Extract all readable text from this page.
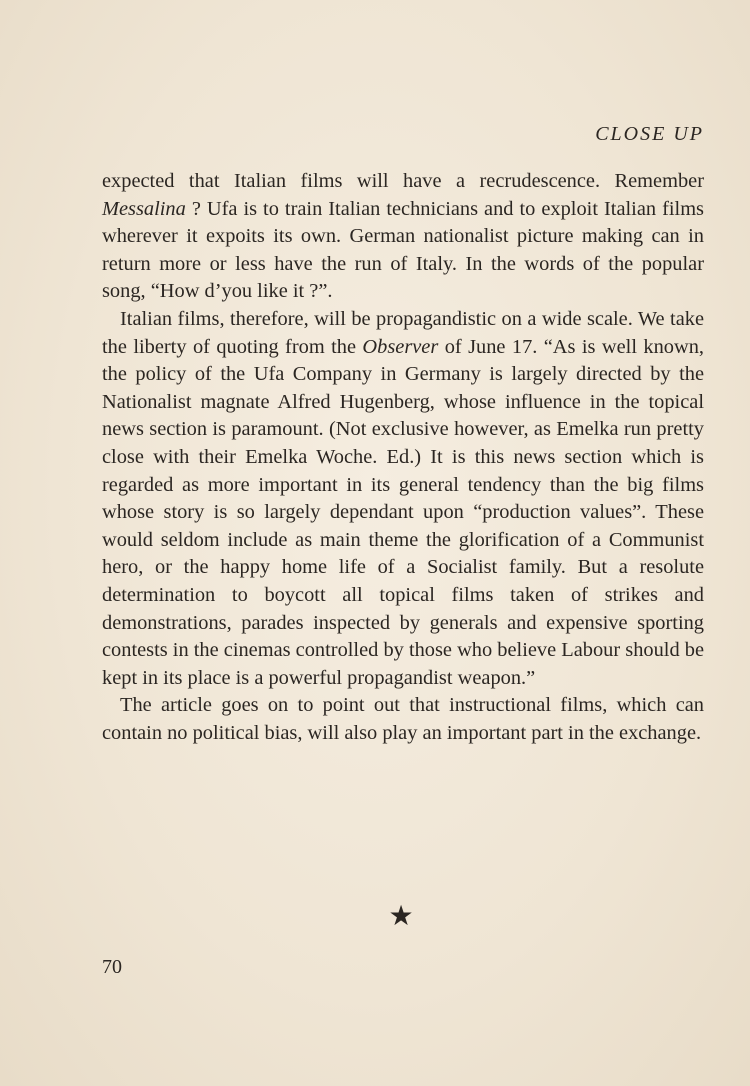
CLOSE UP

expected that Italian films will have a recrudescence. Remember Messalina ? Ufa is to train Italian technicians and to exploit Italian films wherever it expoits its own. German nationalist picture making can in return more or less have the run of Italy. In the words of the popular song, “How d’you like it ?”.

Italian films, therefore, will be propagandistic on a wide scale. We take the liberty of quoting from the Observer of June 17. “As is well known, the policy of the Ufa Company in Germany is largely directed by the Nationalist magnate Alfred Hugenberg, whose influence in the topical news section is paramount. (Not exclusive however, as Emelka run pretty close with their Emelka Woche. Ed.) It is this news section which is regarded as more important in its general tendency than the big films whose story is so largely dependant upon “production values”. These would seldom include as main theme the glorification of a Communist hero, or the happy home life of a Socialist family. But a resolute determination to boycott all topical films taken of strikes and demonstrations, parades inspected by generals and expensive sporting contests in the cinemas controlled by those who believe Labour should be kept in its place is a powerful propagandist weapon.”

The article goes on to point out that instructional films, which can contain no political bias, will also play an important part in the exchange.

★
70
